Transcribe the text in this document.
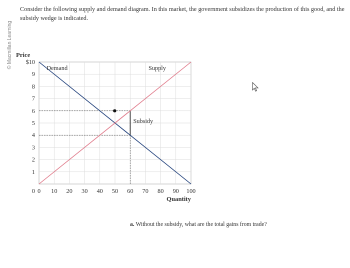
© Macmillan Learning
Consider the following supply and demand diagram. In this market, the government subsidizes the production of this good, and the subsidy wedge is indicated.
0 10 20 30 40 50 60 70 80 90 100
$10
9
8
7
6
5
4
3
2
1
0
Price
Quantity
Demand	Supply
Subsidy
a. Without the subsidy, what are the total gains from trade?
